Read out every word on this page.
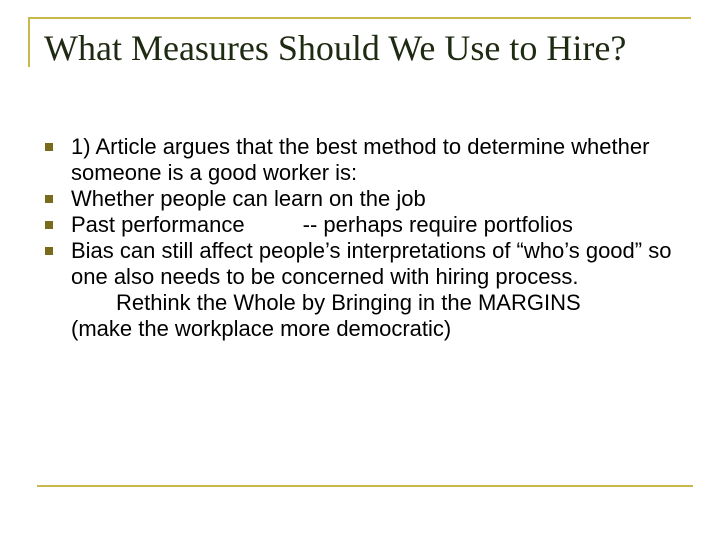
What Measures Should We Use to Hire?
1) Article argues that the best method to determine whether someone is a good worker is:
Whether people can learn on the job
Past performance	-- perhaps require portfolios
Bias can still affect people’s interpretations of “who’s good” so one also needs to be concerned with hiring process.
Rethink the Whole by Bringing in the MARGINS
(make the workplace more democratic)
